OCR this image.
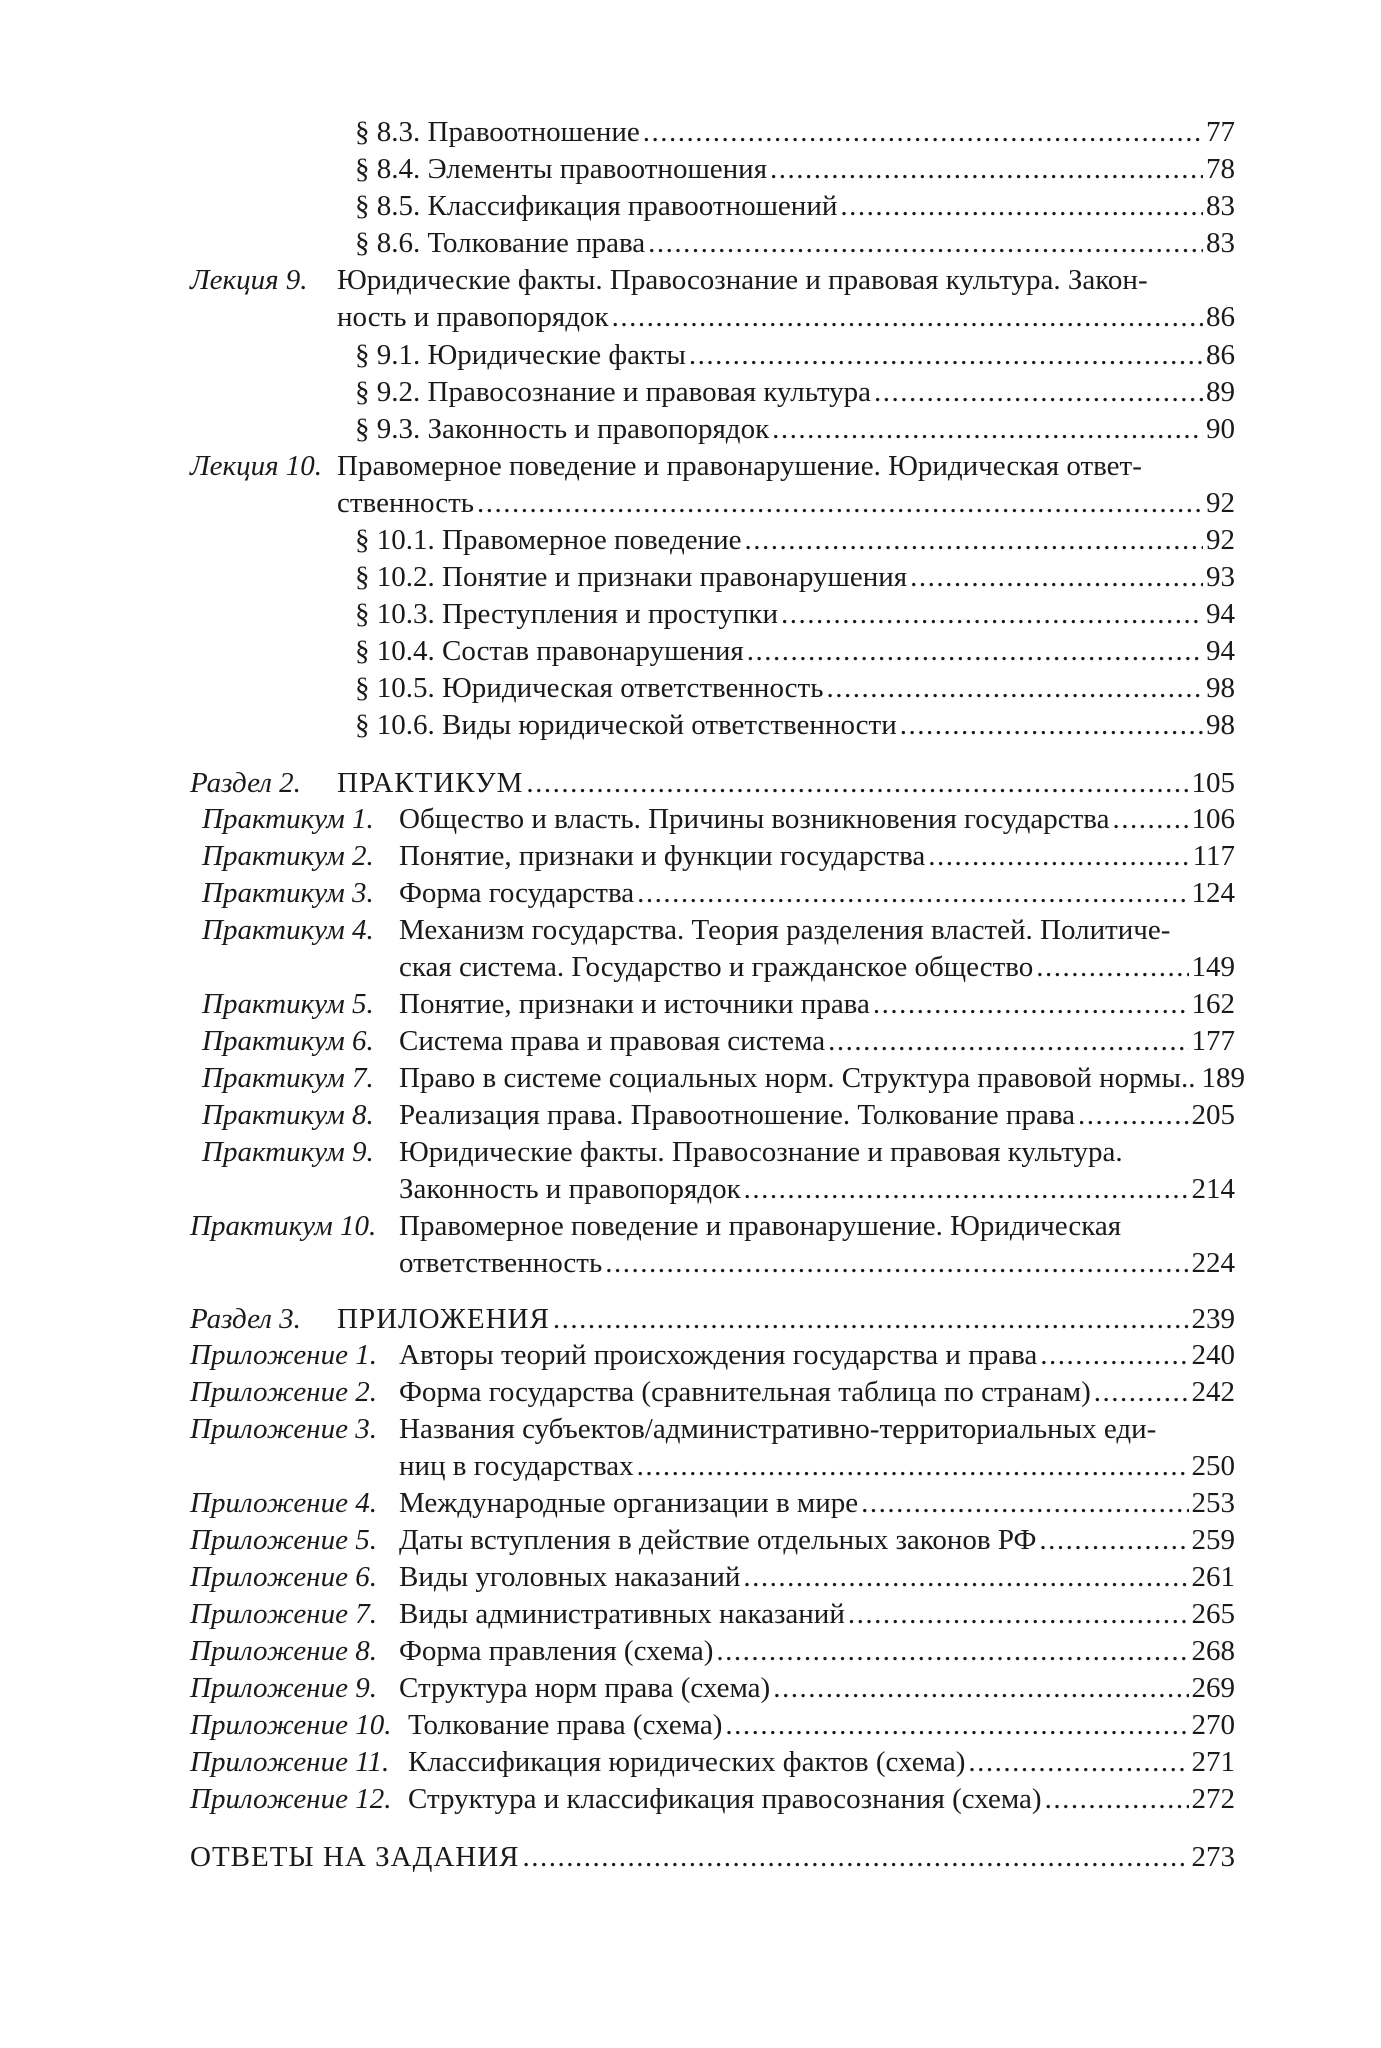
§ 8.3. Правоотношение .....	77
§ 8.4. Элементы правоотношения .....	78
§ 8.5. Классификация правоотношений .....	83
§ 8.6. Толкование права .....	83
Лекция 9. Юридические факты. Правосознание и правовая культура. Закон-
ность и правопорядок .....	86
§ 9.1. Юридические факты .....	86
§ 9.2. Правосознание и правовая культура .....	89
§ 9.3. Законность и правопорядок .....	90
Лекция 10. Правомерное поведение и правонарушение. Юридическая ответ-
ственность .....	92
§ 10.1. Правомерное поведение .....	92
§ 10.2. Понятие и признаки правонарушения .....	93
§ 10.3. Преступления и проступки .....	94
§ 10.4. Состав правонарушения .....	94
§ 10.5. Юридическая ответственность .....	98
§ 10.6. Виды юридической ответственности .....	98
Раздел 2. ПРАКТИКУМ .....	105
Практикум 1. Общество и власть. Причины возникновения государства .....	106
Практикум 2. Понятие, признаки и функции государства .....	117
Практикум 3. Форма государства .....	124
Практикум 4. Механизм государства. Теория разделения властей. Политиче-
ская система. Государство и гражданское общество .....	149
Практикум 5. Понятие, признаки и источники права .....	162
Практикум 6. Система права и правовая система .....	177
Практикум 7. Право в системе социальных норм. Структура правовой нормы.. 189
Практикум 8. Реализация права. Правоотношение. Толкование права .....	205
Практикум 9. Юридические факты. Правосознание и правовая культура.
Законность и правопорядок .....	214
Практикум 10. Правомерное поведение и правонарушение. Юридическая
ответственность .....	224
Раздел 3. ПРИЛОЖЕНИЯ .....	239
Приложение 1. Авторы теорий происхождения государства и права .....	240
Приложение 2. Форма государства (сравнительная таблица по странам) .....	242
Приложение 3. Названия субъектов/административно-территориальных еди-
ниц в государствах .....	250
Приложение 4. Международные организации в мире .....	253
Приложение 5. Даты вступления в действие отдельных законов РФ .....	259
Приложение 6. Виды уголовных наказаний .....	261
Приложение 7. Виды административных наказаний .....	265
Приложение 8. Форма правления (схема) .....	268
Приложение 9. Структура норм права (схема) .....	269
Приложение 10. Толкование права (схема) .....	270
Приложение 11. Классификация юридических фактов (схема) .....	271
Приложение 12. Структура и классификация правосознания (схема) .....	272
ОТВЕТЫ НА ЗАДАНИЯ .....	273
